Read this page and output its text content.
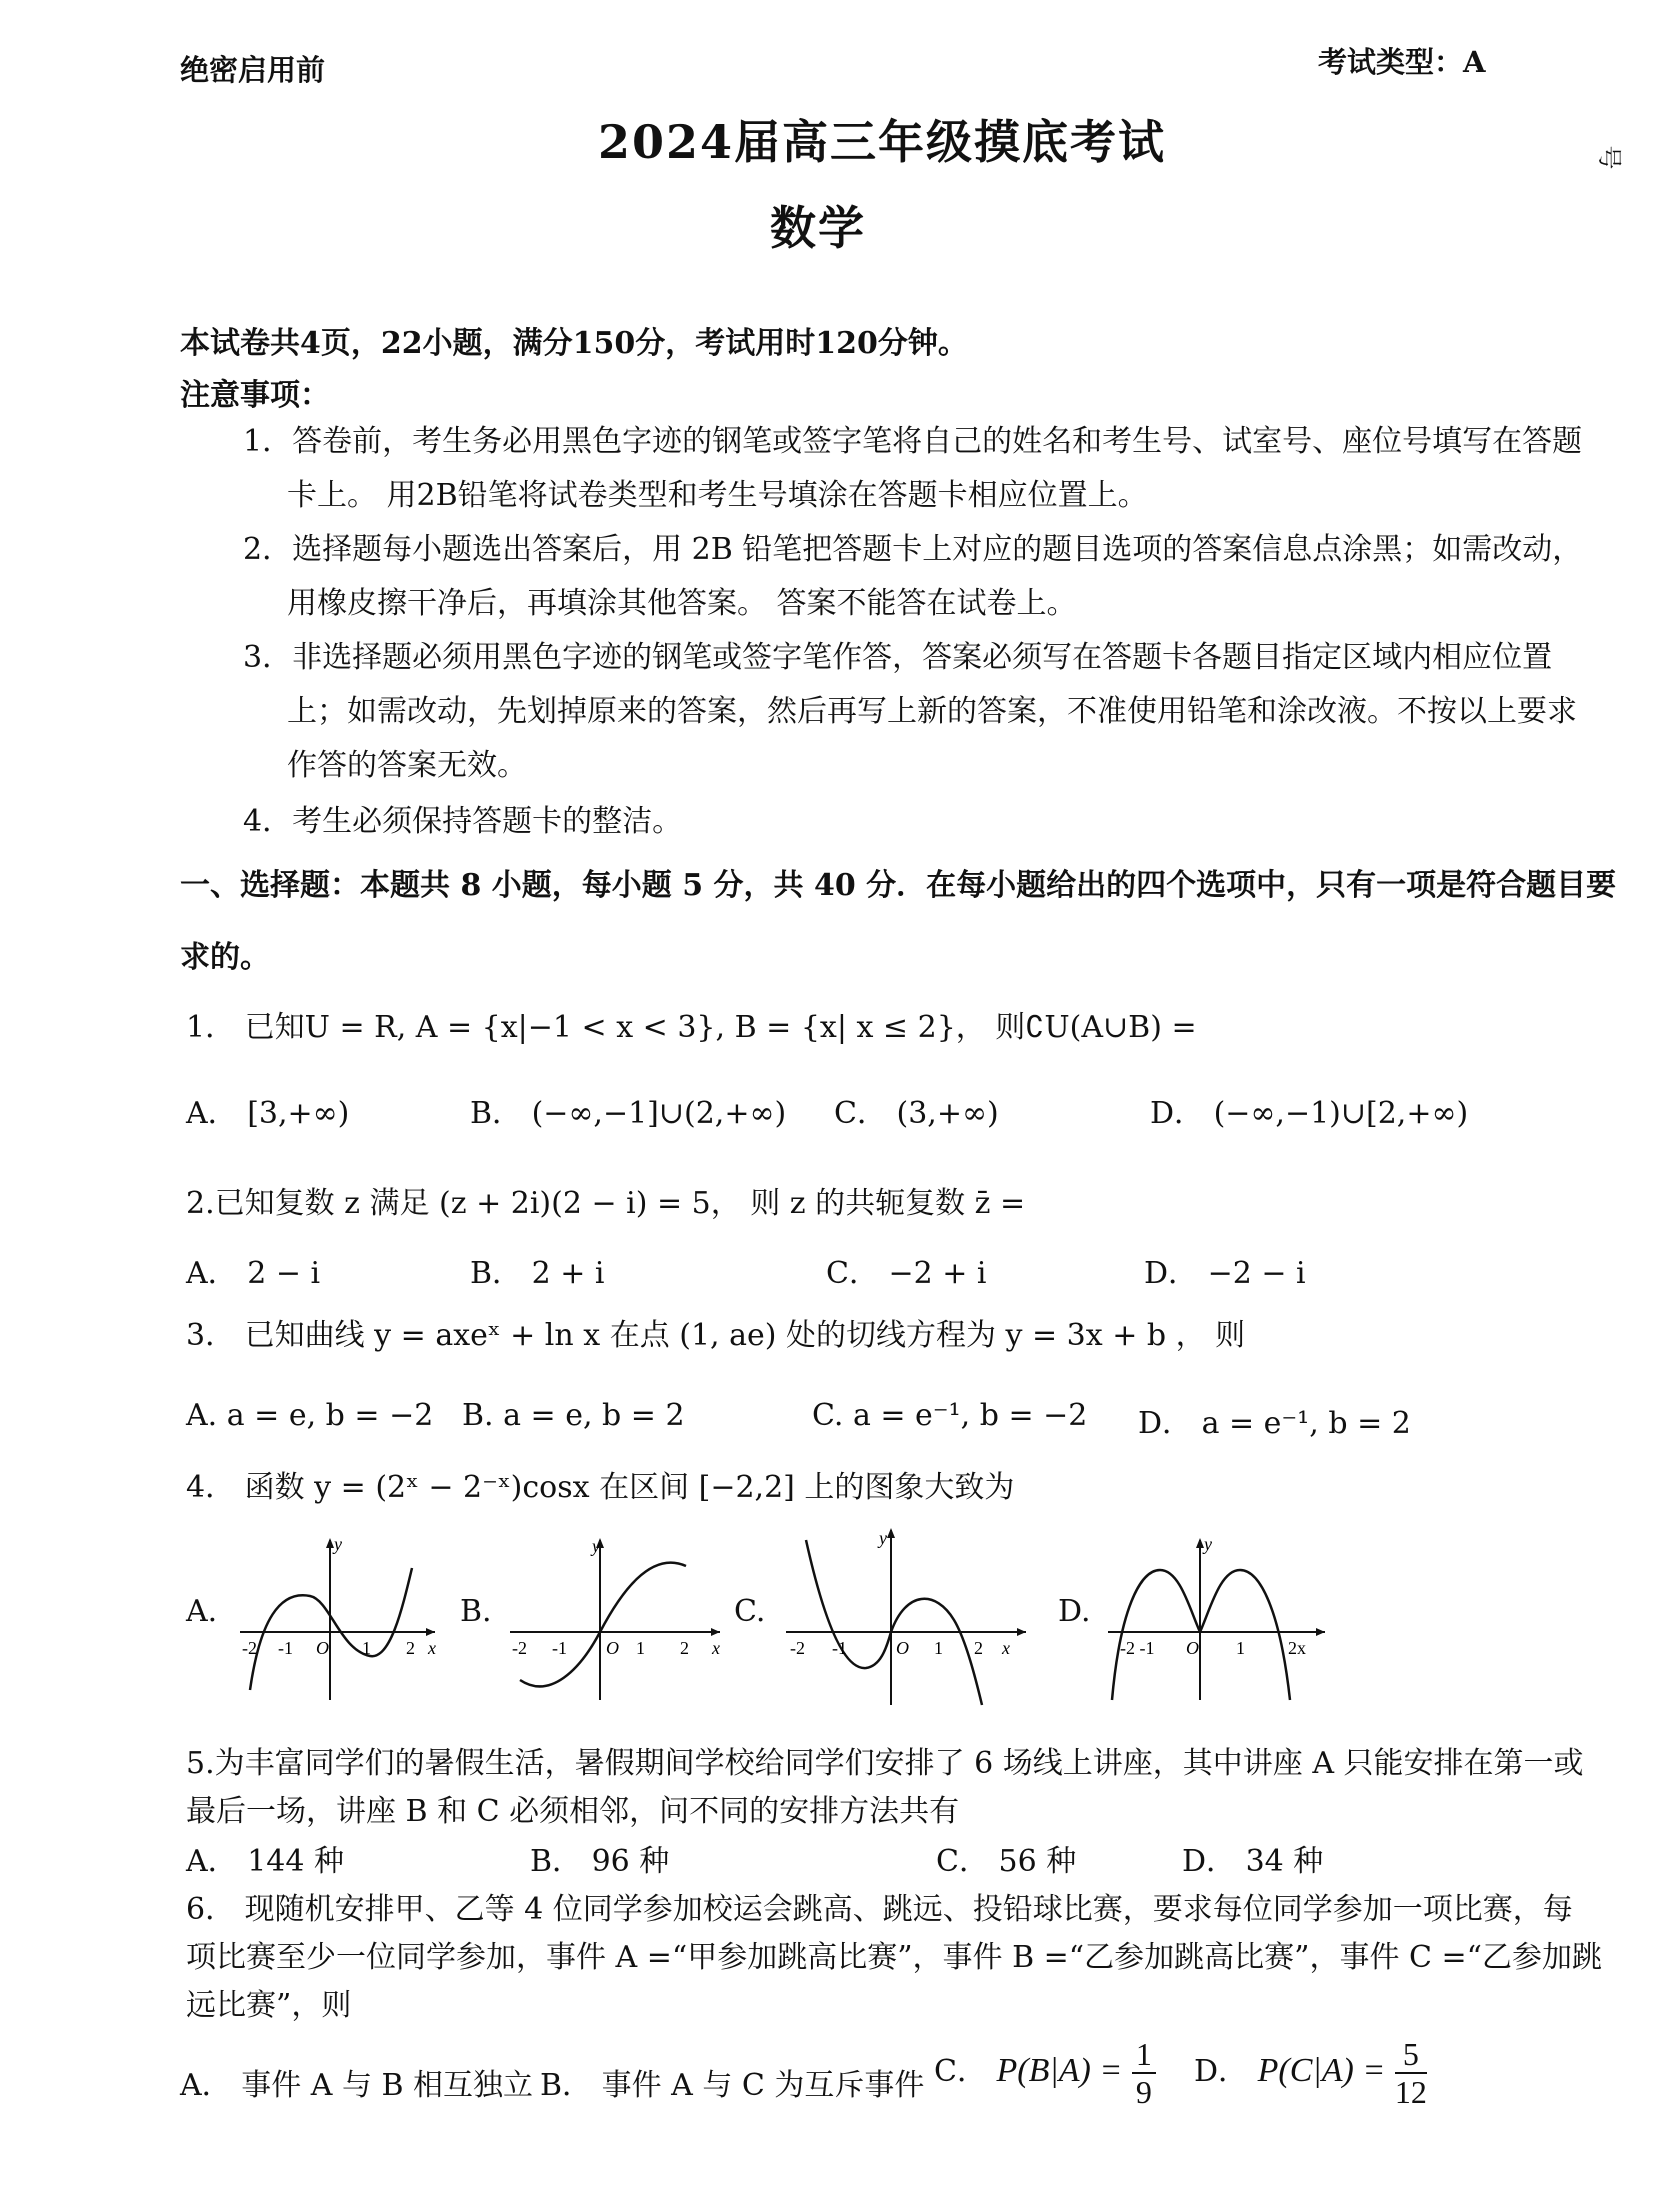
绝密启用前	考试类型：A
号
2024届高三年级摸底考试
数学
本试卷共4页，22小题，满分150分，考试用时120分钟。
注意事项：
1．答卷前，考生务必用黑色字迹的钢笔或签字笔将自己的姓名和考生号、试室号、座位号填写在答题
卡上。 用2B铅笔将试卷类型和考生号填涂在答题卡相应位置上。
2．选择题每小题选出答案后，用 2B 铅笔把答题卡上对应的题目选项的答案信息点涂黑；如需改动，
用橡皮擦干净后，再填涂其他答案。 答案不能答在试卷上。
3．非选择题必须用黑色字迹的钢笔或签字笔作答，答案必须写在答题卡各题目指定区域内相应位置
上；如需改动，先划掉原来的答案，然后再写上新的答案，不准使用铅笔和涂改液。不按以上要求
作答的答案无效。
4．考生必须保持答题卡的整洁。
一、选择题：本题共 8 小题，每小题 5 分，共 40 分．在每小题给出的四个选项中，只有一项是符合题目要
求的。
1． 已知U = R, A = {x|−1 < x < 3}, B = {x| x ≤ 2}， 则∁U(A∪B) =
A． [3,+∞)	B． (−∞,−1]∪(2,+∞) C． (3,+∞)	D． (−∞,−1)∪[2,+∞)
2.已知复数 z 满足 (z + 2i)(2 − i) = 5， 则 z 的共轭复数 z̄ =
A． 2 − i	B． 2 + i	C． −2 + i	D． −2 − i
3． 已知曲线 y = axeˣ + ln x 在点 (1, ae) 处的切线方程为 y = 3x + b ， 则
A. a = e, b = −2 B. a = e, b = 2	C. a = e⁻¹, b = −2 D． a = e⁻¹, b = 2
4． 函数 y = (2ˣ − 2⁻ˣ)cosx 在区间 [−2,2] 上的图象大致为
A.	B.	C.	D.
y
x
O
-2 -1	1 2
y
x
O
-2 -1	1 2
y
x
O
-2 -1	1 2
y
O
-2 -1	1 2x
5.为丰富同学们的暑假生活，暑假期间学校给同学们安排了 6 场线上讲座，其中讲座 A 只能安排在第一或
最后一场，讲座 B 和 C 必须相邻，问不同的安排方法共有
A． 144 种	B． 96 种	C． 56 种	D． 34 种
6． 现随机安排甲、乙等 4 位同学参加校运会跳高、跳远、投铅球比赛，要求每位同学参加一项比赛，每
项比赛至少一位同学参加，事件 A =“甲参加跳高比赛”，事件 B =“乙参加跳高比赛”，事件 C =“乙参加跳
远比赛”，则
A． 事件 A 与 B 相互独立 B． 事件 A 与 C 为互斥事件 C． $P(B|A) = \frac{1}{9}$ D． $P(C|A) = \frac{5}{12}$
